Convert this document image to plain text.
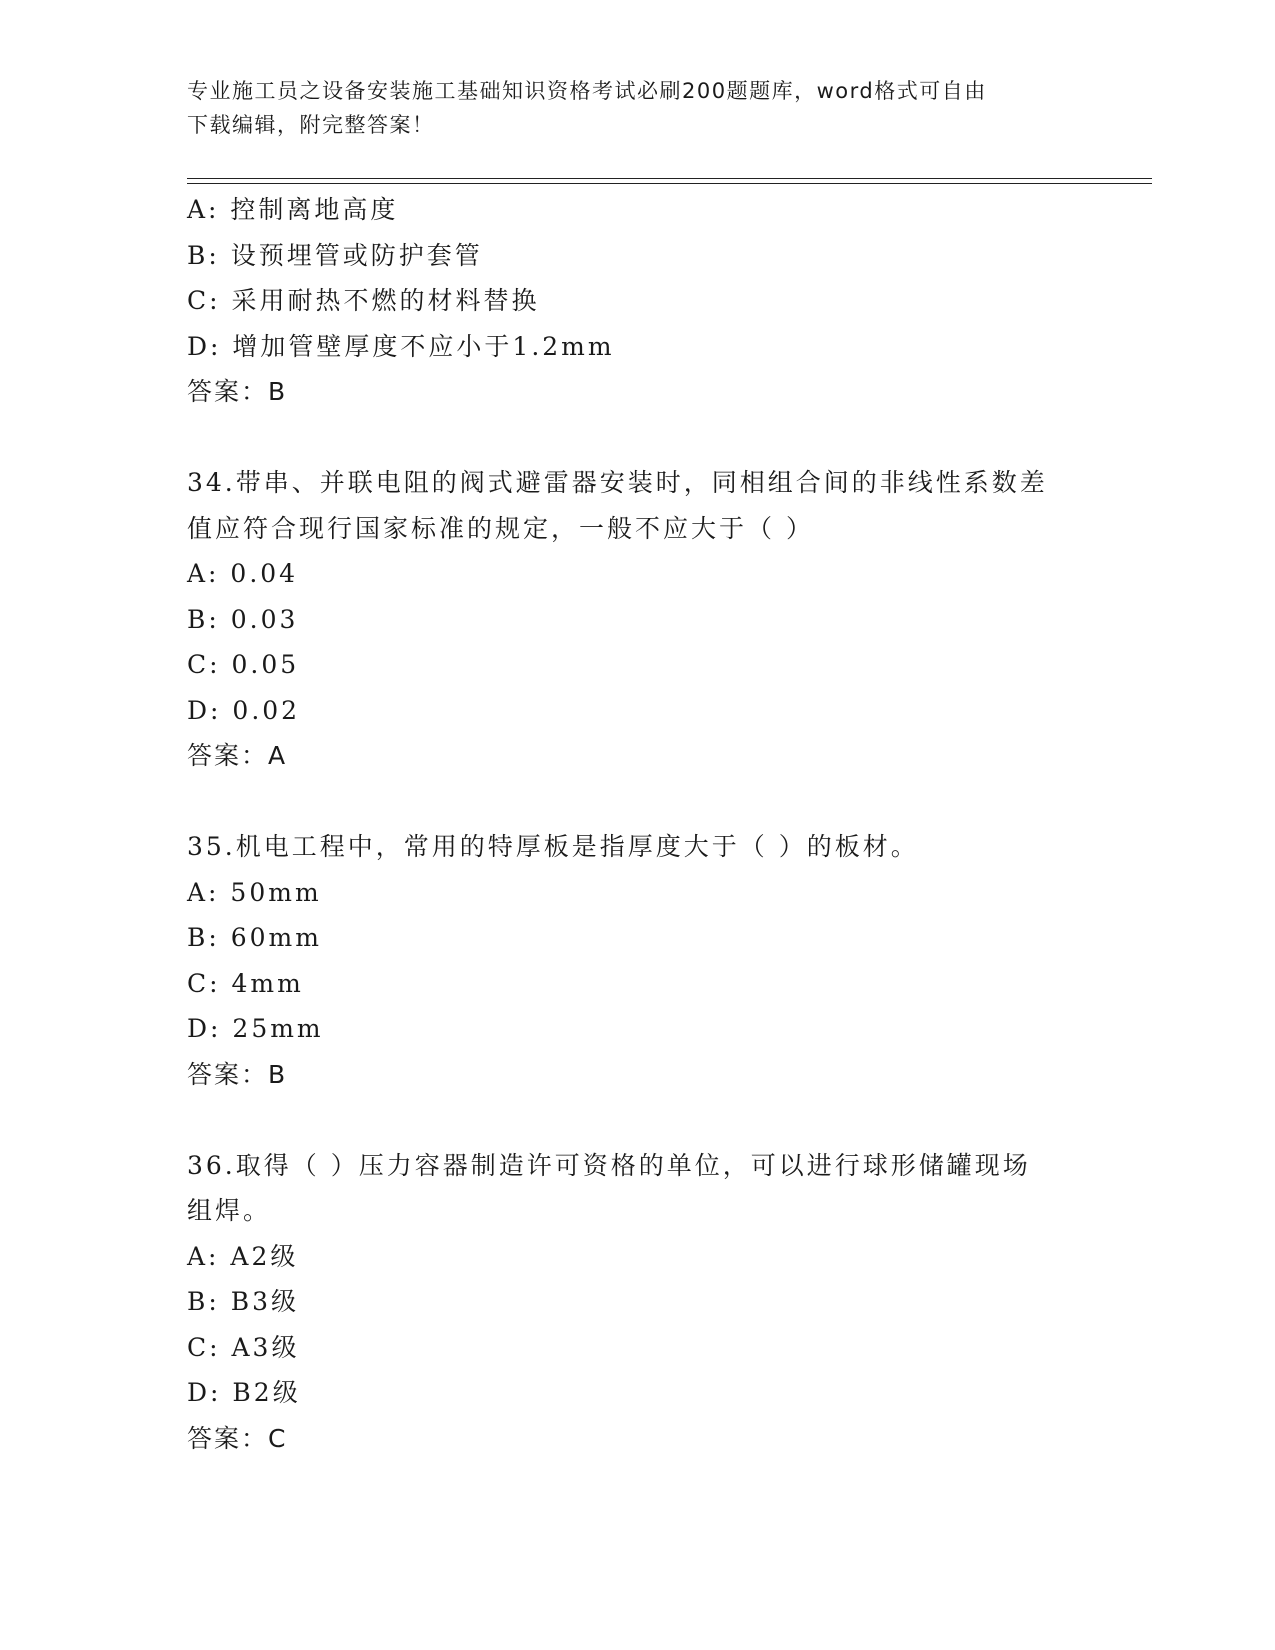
专业施工员之设备安装施工基础知识资格考试必刷200题题库，word格式可自由
下载编辑，附完整答案！
A: 控制离地高度
B: 设预埋管或防护套管
C: 采用耐热不燃的材料替换
D: 增加管壁厚度不应小于1.2mm
答案：B
34.带串、并联电阻的阀式避雷器安装时，同相组合间的非线性系数差
值应符合现行国家标准的规定，一般不应大于（ ）
A: 0.04
B: 0.03
C: 0.05
D: 0.02
答案：A
35.机电工程中，常用的特厚板是指厚度大于（ ）的板材。
A: 50mm
B: 60mm
C: 4mm
D: 25mm
答案：B
36.取得（ ）压力容器制造许可资格的单位，可以进行球形储罐现场
组焊。
A: A2级
B: B3级
C: A3级
D: B2级
答案：C
